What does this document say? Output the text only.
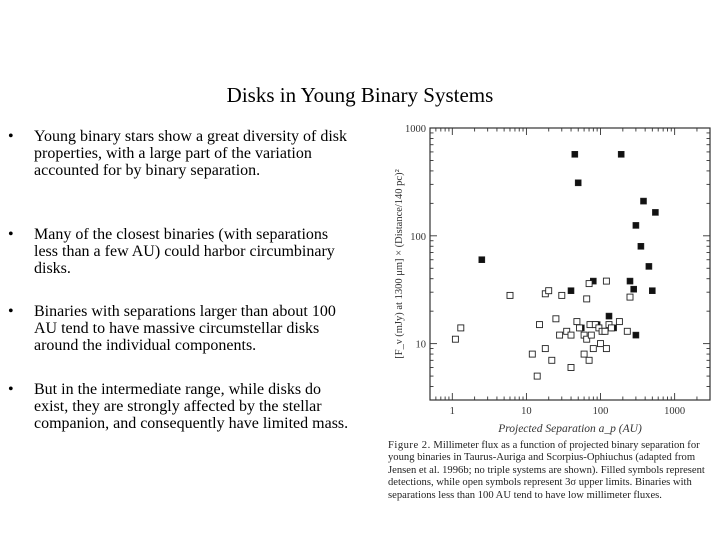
Disks in Young Binary Systems
• Young binary stars show a great diversity of disk properties, with a large part of the variation accounted for by binary separation.
• Many of the closest binaries (with separations less than a few AU) could harbor circumbinary disks.
• Binaries with separations larger than about 100 AU tend to have massive circumstellar disks around the individual components.
• But in the intermediate range, while disks do exist, they are strongly affected by the stellar companion, and consequently have limited mass.
1	10	100	1000
10
100
1000
[F_ν (mJy) at 1300 μm] × (Distance/140 pc)²
Projected Separation a_p (AU)
Figure 2. Millimeter flux as a function of projected binary separation for young binaries in Taurus-Auriga and Scorpius-Ophiuchus (adapted from Jensen et al. 1996b; no triple systems are shown). Filled symbols represent detections, while open symbols represent 3σ upper limits. Binaries with separations less than 100 AU tend to have low millimeter fluxes.
